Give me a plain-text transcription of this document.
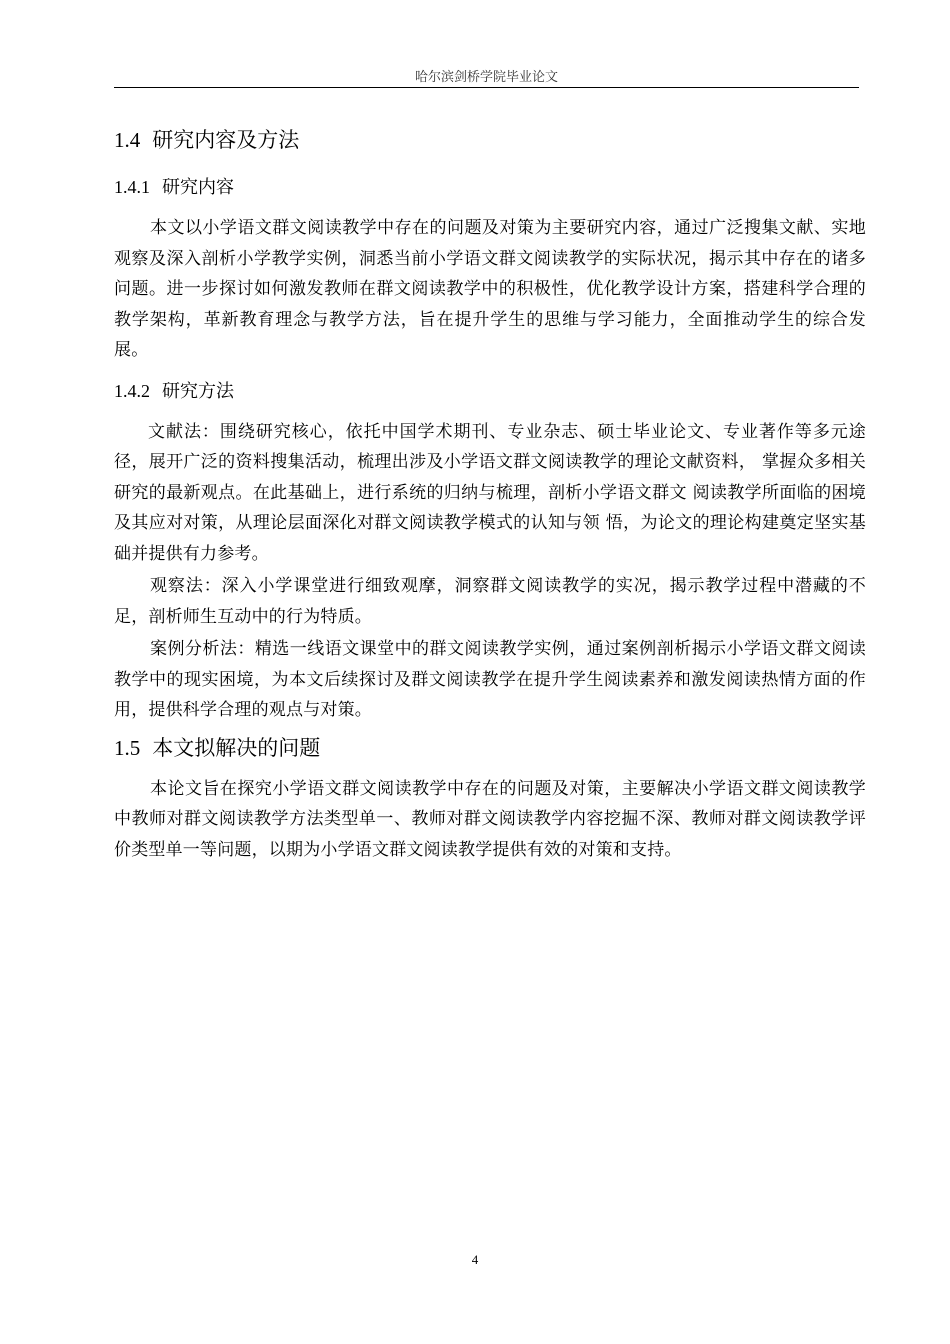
哈尔滨剑桥学院毕业论文
1.4 研究内容及方法
1.4.1 研究内容

本文以小学语文群文阅读教学中存在的问题及对策为主要研究内容，通过广泛搜集文献、实地观察及深入剖析小学教学实例，洞悉当前小学语文群文阅读教学的实际状况，揭示其中存在的诸多问题。进一步探讨如何激发教师在群文阅读教学中的积极性，优化教学设计方案，搭建科学合理的教学架构，革新教育理念与教学方法，旨在提升学生的思维与学习能力，全面推动学生的综合发展。

1.4.2 研究方法

文献法：围绕研究核心，依托中国学术期刊、专业杂志、硕士毕业论文、专业著作等多元途径，展开广泛的资料搜集活动，梳理出涉及小学语文群文阅读教学的理论文献资料， 掌握众多相关研究的最新观点。在此基础上，进行系统的归纳与梳理，剖析小学语文群文 阅读教学所面临的困境及其应对对策，从理论层面深化对群文阅读教学模式的认知与领 悟，为论文的理论构建奠定坚实基础并提供有力参考。

观察法：深入小学课堂进行细致观摩，洞察群文阅读教学的实况，揭示教学过程中潜藏的不足，剖析师生互动中的行为特质。

案例分析法：精选一线语文课堂中的群文阅读教学实例，通过案例剖析揭示小学语文群文阅读教学中的现实困境，为本文后续探讨及群文阅读教学在提升学生阅读素养和激发阅读热情方面的作用，提供科学合理的观点与对策。

1.5 本文拟解决的问题

本论文旨在探究小学语文群文阅读教学中存在的问题及对策，主要解决小学语文群文阅读教学中教师对群文阅读教学方法类型单一、教师对群文阅读教学内容挖掘不深、教师对群文阅读教学评价类型单一等问题，以期为小学语文群文阅读教学提供有效的对策和支持。

4
